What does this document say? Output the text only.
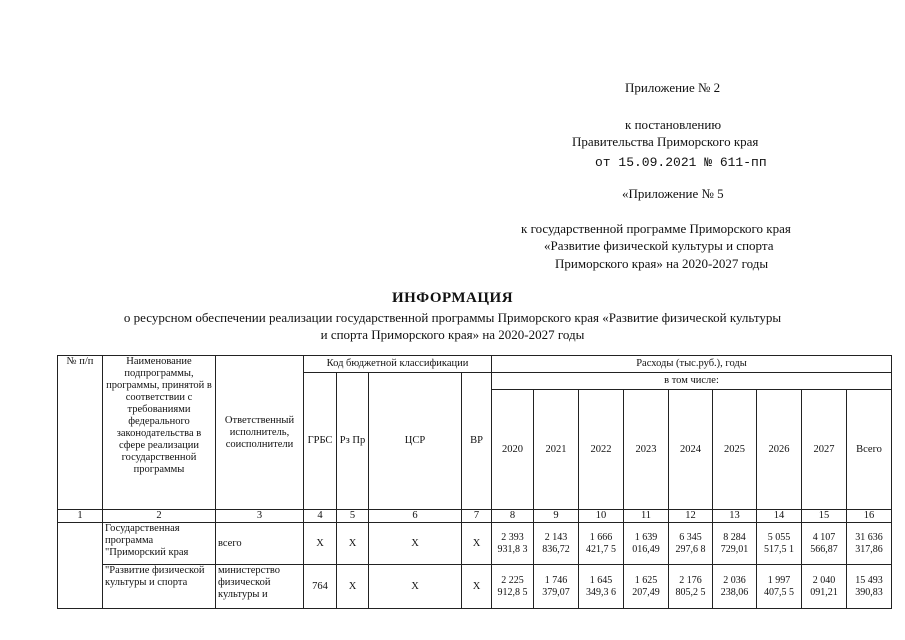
Приложение № 2
к постановлению
Правительства Приморского края
от 15.09.2021 № 611-пп
«Приложение № 5
к государственной программе Приморского края
«Развитие физической культуры и спорта
Приморского края» на 2020-2027 годы
ИНФОРМАЦИЯ
о ресурсном обеспечении реализации государственной программы Приморского края «Развитие физической культуры
и спорта Приморского края» на 2020-2027 годы
№ п/п	Наименование подпрограммы, программы, принятой в соответствии с требованиями федерального законодательства в сфере реализации государственной программы	Ответственный исполнитель, соисполнители	Код бюджетной классификации				Расходы (тыс.руб.), годы								
			ГРБС	Рз Пр	ЦСР	ВР	в том числе:								
							2020	2021	2022	2023	2024	2025	2026	2027	Всего
1	2	3	4	5	6	7	8	9	10	11	12	13	14	15	16
	Государственная программа "Приморский края	всего	Х	Х	Х	Х	2 393 931,8 3	2 143 836,72	1 666 421,7 5	1 639 016,49	6 345 297,6 8	8 284 729,01	5 055 517,5 1	4 107 566,87	31 636 317,86
	"Развитие физической культуры и спорта	министерство физической культуры и	764	Х	Х	Х	2 225 912,8 5	1 746 379,07	1 645 349,3 6	1 625 207,49	2 176 805,2 5	2 036 238,06	1 997 407,5 5	2 040 091,21	15 493 390,83
